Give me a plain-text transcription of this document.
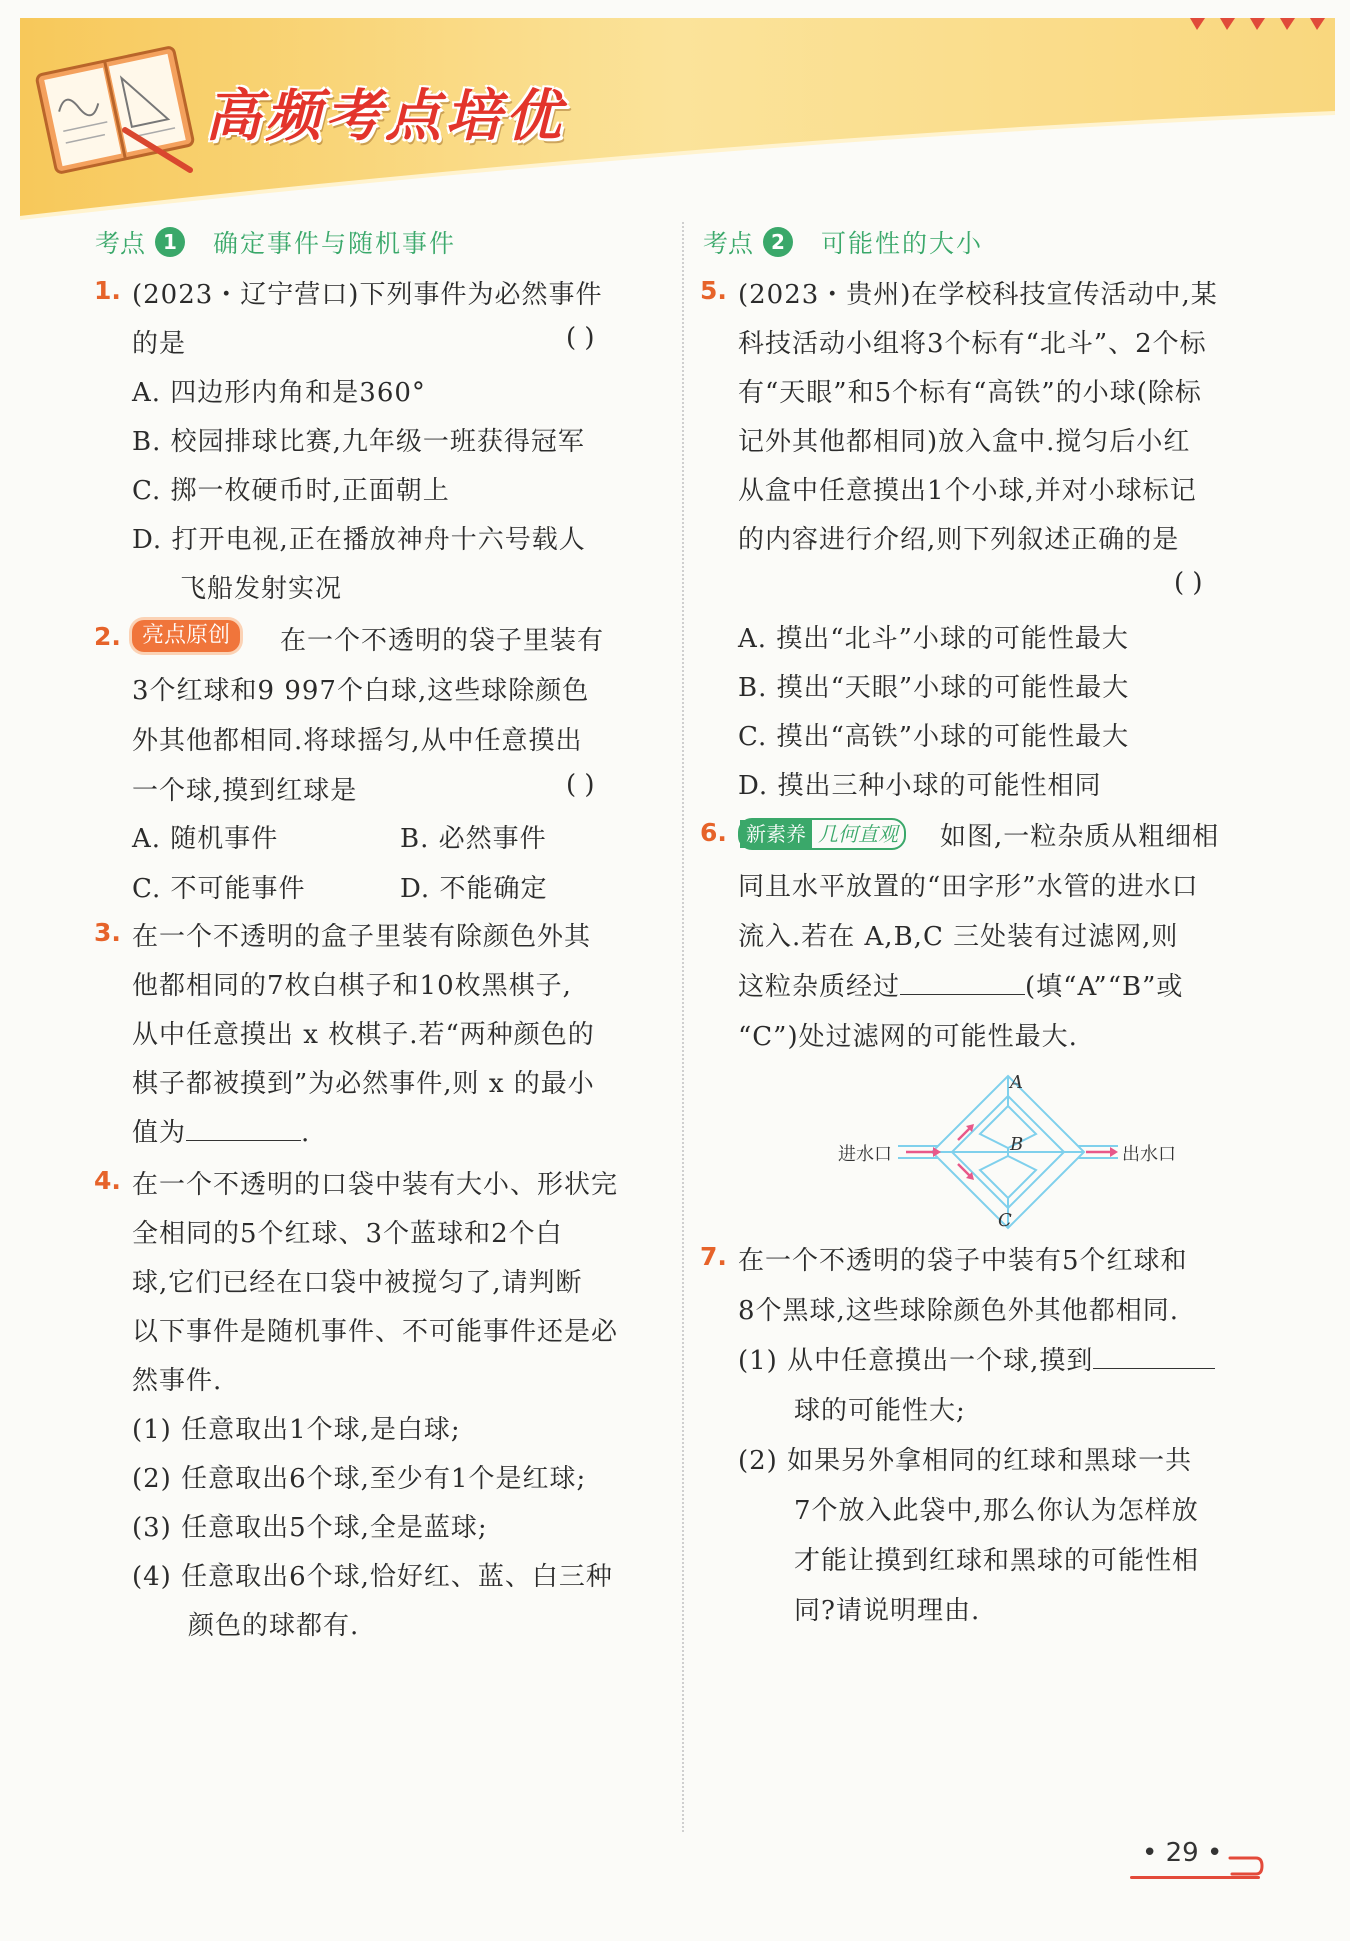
高频考点培优
考点 1	确定事件与随机事件
1. (2023・辽宁营口)下列事件为必然事件
的是	( )
A. 四边形内角和是360°
B. 校园排球比赛,九年级一班获得冠军
C. 掷一枚硬币时,正面朝上
D. 打开电视,正在播放神舟十六号载人
飞船发射实况
2. 亮点原创	在一个不透明的袋子里装有
3个红球和9 997个白球,这些球除颜色
外其他都相同.将球摇匀,从中任意摸出
一个球,摸到红球是	( )
A. 随机事件	B. 必然事件
C. 不可能事件	D. 不能确定
3. 在一个不透明的盒子里装有除颜色外其
他都相同的7枚白棋子和10枚黑棋子,
从中任意摸出 x 枚棋子.若“两种颜色的
棋子都被摸到”为必然事件,则 x 的最小
值为	.
4. 在一个不透明的口袋中装有大小、形状完
全相同的5个红球、3个蓝球和2个白
球,它们已经在口袋中被搅匀了,请判断
以下事件是随机事件、不可能事件还是必
然事件.
(1) 任意取出1个球,是白球;
(2) 任意取出6个球,至少有1个是红球;
(3) 任意取出5个球,全是蓝球;
(4) 任意取出6个球,恰好红、蓝、白三种
颜色的球都有.
考点 2	可能性的大小
5. (2023・贵州)在学校科技宣传活动中,某
科技活动小组将3个标有“北斗”、2个标
有“天眼”和5个标有“高铁”的小球(除标
记外其他都相同)放入盒中.搅匀后小红
从盒中任意摸出1个小球,并对小球标记
的内容进行介绍,则下列叙述正确的是
( )
A. 摸出“北斗”小球的可能性最大
B. 摸出“天眼”小球的可能性最大
C. 摸出“高铁”小球的可能性最大
D. 摸出三种小球的可能性相同
6. 新素养 几何直观 如图,一粒杂质从粗细相
同且水平放置的“田字形”水管的进水口
流入.若在 A,B,C 三处装有过滤网,则
这粒杂质经过	(填“A”“B”或
“C”)处过滤网的可能性最大.
进水口	出水口
A
B
C
7. 在一个不透明的袋子中装有5个红球和
8个黑球,这些球除颜色外其他都相同.
(1) 从中任意摸出一个球,摸到
球的可能性大;
(2) 如果另外拿相同的红球和黑球一共
7个放入此袋中,那么你认为怎样放
才能让摸到红球和黑球的可能性相
同?请说明理由.
• 29 •
